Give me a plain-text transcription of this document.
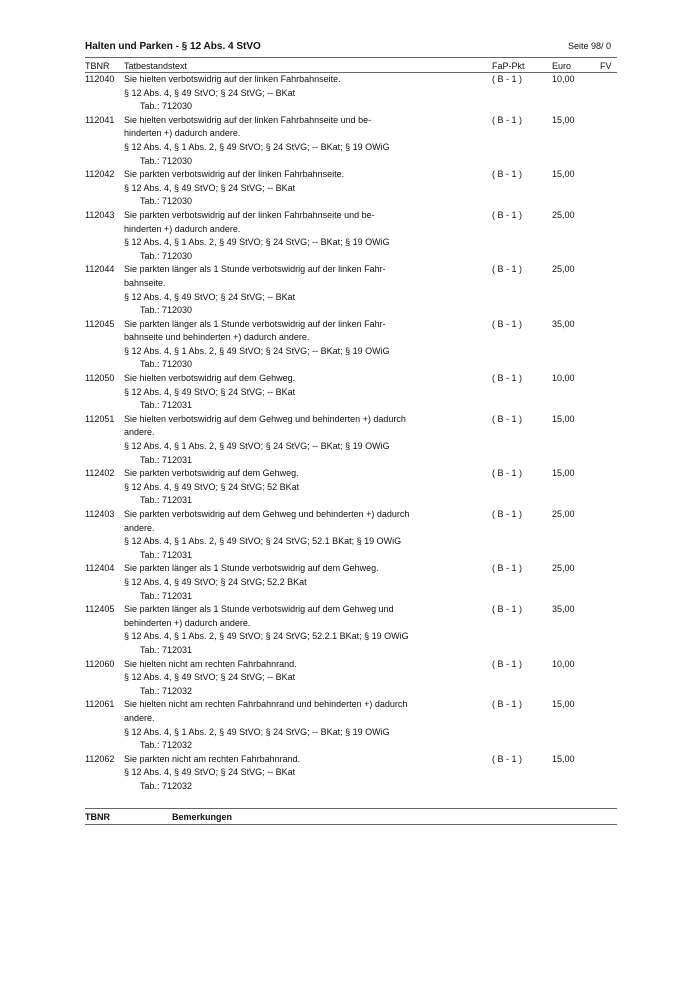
Halten und Parken - § 12 Abs. 4 StVO	Seite 98/ 0
TBNR Tatbestandstext	FaP-Pkt	Euro	FV
112040 Sie hielten verbotswidrig auf der linken Fahrbahnseite.
§ 12 Abs. 4, § 49 StVO; § 24 StVG; -- BKat
Tab.: 712030
( B - 1 )	10,00
112041 Sie hielten verbotswidrig auf der linken Fahrbahnseite und be-
hinderten +) dadurch andere.
§ 12 Abs. 4, § 1 Abs. 2, § 49 StVO; § 24 StVG; -- BKat; § 19 OWiG
Tab.: 712030
( B - 1 )	15,00
112042 Sie parkten verbotswidrig auf der linken Fahrbahnseite.
§ 12 Abs. 4, § 49 StVO; § 24 StVG; -- BKat
Tab.: 712030
( B - 1 )	15,00
112043 Sie parkten verbotswidrig auf der linken Fahrbahnseite und be-
hinderten +) dadurch andere.
§ 12 Abs. 4, § 1 Abs. 2, § 49 StVO; § 24 StVG; -- BKat; § 19 OWiG
Tab.: 712030
( B - 1 )	25,00
112044 Sie parkten länger als 1 Stunde verbotswidrig auf der linken Fahr-
bahnseite.
§ 12 Abs. 4, § 49 StVO; § 24 StVG; -- BKat
Tab.: 712030
( B - 1 )	25,00
112045 Sie parkten länger als 1 Stunde verbotswidrig auf der linken Fahr-
bahnseite und behinderten +) dadurch andere.
§ 12 Abs. 4, § 1 Abs. 2, § 49 StVO; § 24 StVG; -- BKat; § 19 OWiG
Tab.: 712030
( B - 1 )	35,00
112050 Sie hielten verbotswidrig auf dem Gehweg.
§ 12 Abs. 4, § 49 StVO; § 24 StVG; -- BKat
Tab.: 712031
( B - 1 )	10,00
112051 Sie hielten verbotswidrig auf dem Gehweg und behinderten +) dadurch
andere.
§ 12 Abs. 4, § 1 Abs. 2, § 49 StVO; § 24 StVG; -- BKat; § 19 OWiG
Tab.: 712031
( B - 1 )	15,00
112402 Sie parkten verbotswidrig auf dem Gehweg.
§ 12 Abs. 4, § 49 StVO; § 24 StVG; 52 BKat
Tab.: 712031
( B - 1 )	15,00
112403 Sie parkten verbotswidrig auf dem Gehweg und behinderten +) dadurch
andere.
§ 12 Abs. 4, § 1 Abs. 2, § 49 StVO; § 24 StVG; 52.1 BKat; § 19 OWiG
Tab.: 712031
( B - 1 )	25,00
112404 Sie parkten länger als 1 Stunde verbotswidrig auf dem Gehweg.
§ 12 Abs. 4, § 49 StVO; § 24 StVG; 52.2 BKat
Tab.: 712031
( B - 1 )	25,00
112405 Sie parkten länger als 1 Stunde verbotswidrig auf dem Gehweg und
behinderten +) dadurch andere.
§ 12 Abs. 4, § 1 Abs. 2, § 49 StVO; § 24 StVG; 52.2.1 BKat; § 19 OWiG
Tab.: 712031
( B - 1 )	35,00
112060 Sie hielten nicht am rechten Fahrbahnrand.
§ 12 Abs. 4, § 49 StVO; § 24 StVG; -- BKat
Tab.: 712032
( B - 1 )	10,00
112061 Sie hielten nicht am rechten Fahrbahnrand und behinderten +) dadurch
andere.
§ 12 Abs. 4, § 1 Abs. 2, § 49 StVO; § 24 StVG; -- BKat; § 19 OWiG
Tab.: 712032
( B - 1 )	15,00
112062 Sie parkten nicht am rechten Fahrbahnrand.
§ 12 Abs. 4, § 49 StVO; § 24 StVG; -- BKat
Tab.: 712032
( B - 1 )	15,00
TBNR	Bemerkungen
